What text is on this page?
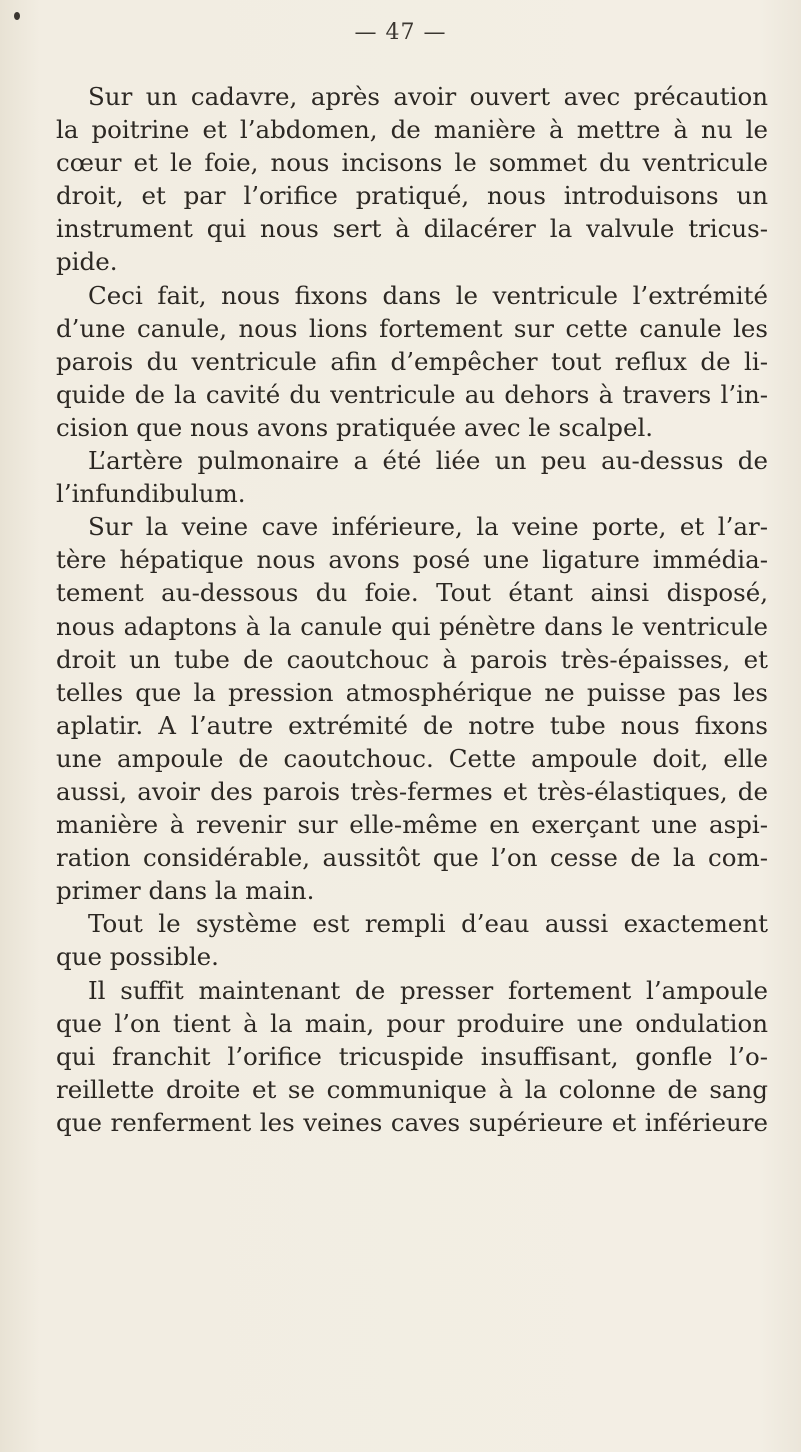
— 47 —
Sur un cadavre, après avoir ouvert avec précaution
la poitrine et l’abdomen, de manière à mettre à nu le
cœur et le foie, nous incisons le sommet du ventricule
droit, et par l’orifice pratiqué, nous introduisons un
instrument qui nous sert à dilacérer la valvule tricus-
pide.
Ceci fait, nous fixons dans le ventricule l’extrémité
d’une canule, nous lions fortement sur cette canule les
parois du ventricule afin d’empêcher tout reflux de li-
quide de la cavité du ventricule au dehors à travers l’in-
cision que nous avons pratiquée avec le scalpel.
L’artère pulmonaire a été liée un peu au-dessus de
l’infundibulum.
Sur la veine cave inférieure, la veine porte, et l’ar-
tère hépatique nous avons posé une ligature immédia-
tement au-dessous du foie. Tout étant ainsi disposé,
nous adaptons à la canule qui pénètre dans le ventricule
droit un tube de caoutchouc à parois très-épaisses, et
telles que la pression atmosphérique ne puisse pas les
aplatir. A l’autre extrémité de notre tube nous fixons
une ampoule de caoutchouc. Cette ampoule doit, elle
aussi, avoir des parois très-fermes et très-élastiques, de
manière à revenir sur elle-même en exerçant une aspi-
ration considérable, aussitôt que l’on cesse de la com-
primer dans la main.
Tout le système est rempli d’eau aussi exactement
que possible.
Il suffit maintenant de presser fortement l’ampoule
que l’on tient à la main, pour produire une ondulation
qui franchit l’orifice tricuspide insuffisant, gonfle l’o-
reillette droite et se communique à la colonne de sang
que renferment les veines caves supérieure et inférieure
